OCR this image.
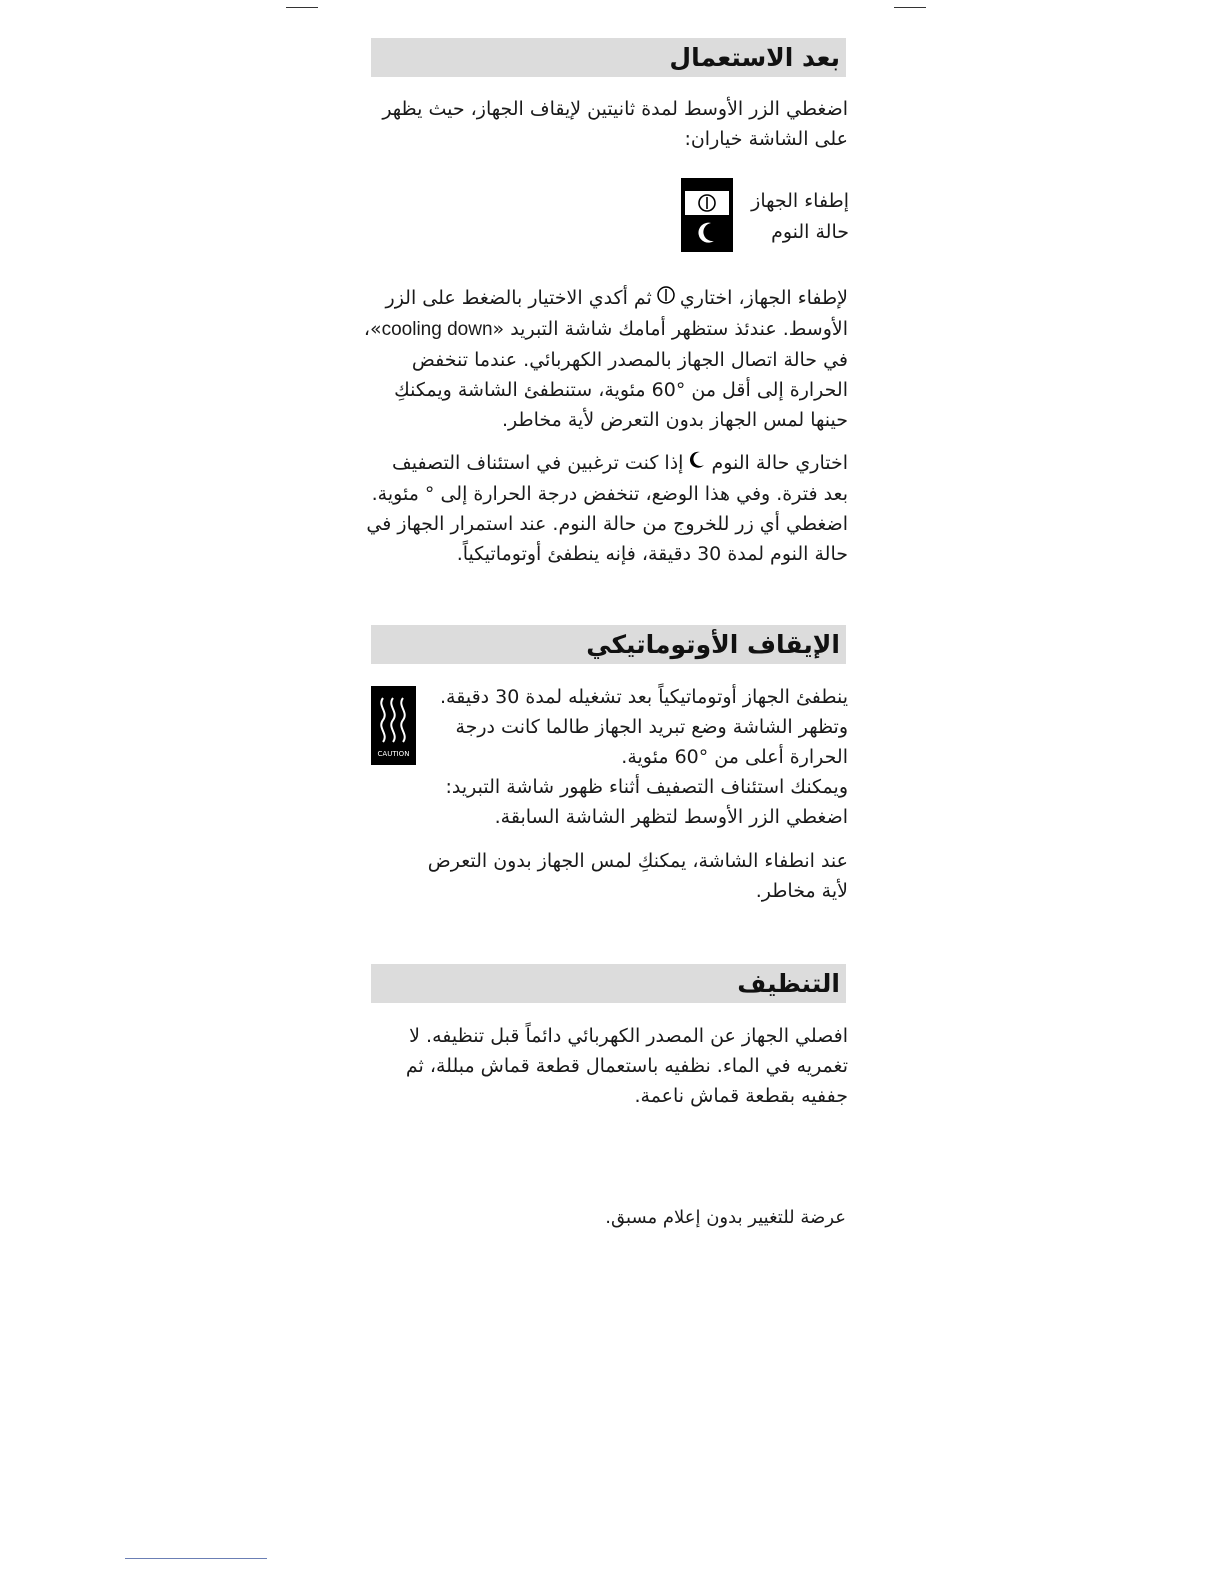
بعد الاستعمال

اضغطي الزر الأوسط لمدة ثانيتين لإيقاف الجهاز، حيث يظهر على الشاشة خياران:

إطفاء الجهاز
حالة النوم

لإطفاء الجهاز، اختاريثم أكدي الاختيار بالضغط على الزر الأوسط. عندئذ ستظهر أمامك شاشة التبريد «cooling down»، في حالة اتصال الجهاز بالمصدر الكهربائي. عندما تنخفض الحرارة إلى أقل من °60 مئوية، ستنطفئ الشاشة ويمكنكِ حينها لمس الجهاز بدون التعرض لأية مخاطر.

اختاري حالة النومإذا كنت ترغبين في استئناف التصفيف بعد فترة. وفي هذا الوضع، تنخفض درجة الحرارة إلى ° مئوية. اضغطي أي زر للخروج من حالة النوم. عند استمرار الجهاز في حالة النوم لمدة 30 دقيقة، فإنه ينطفئ أوتوماتيكياً.

الإيقاف الأوتوماتيكي
CAUTION

ينطفئ الجهاز أوتوماتيكياً بعد تشغيله لمدة 30 دقيقة.

وتظهر الشاشة وضع تبريد الجهاز طالما كانت درجة

الحرارة أعلى من °60 مئوية.

ويمكنك استئناف التصفيف أثناء ظهور شاشة التبريد:

اضغطي الزر الأوسط لتظهر الشاشة السابقة.

عند انطفاء الشاشة، يمكنكِ لمس الجهاز بدون التعرض لأية مخاطر.

التنظيف

افصلي الجهاز عن المصدر الكهربائي دائماً قبل تنظيفه. لا تغمريه في الماء. نظفيه باستعمال قطعة قماش مبللة، ثم جففيه بقطعة قماش ناعمة.

عرضة للتغيير بدون إعلام مسبق.
